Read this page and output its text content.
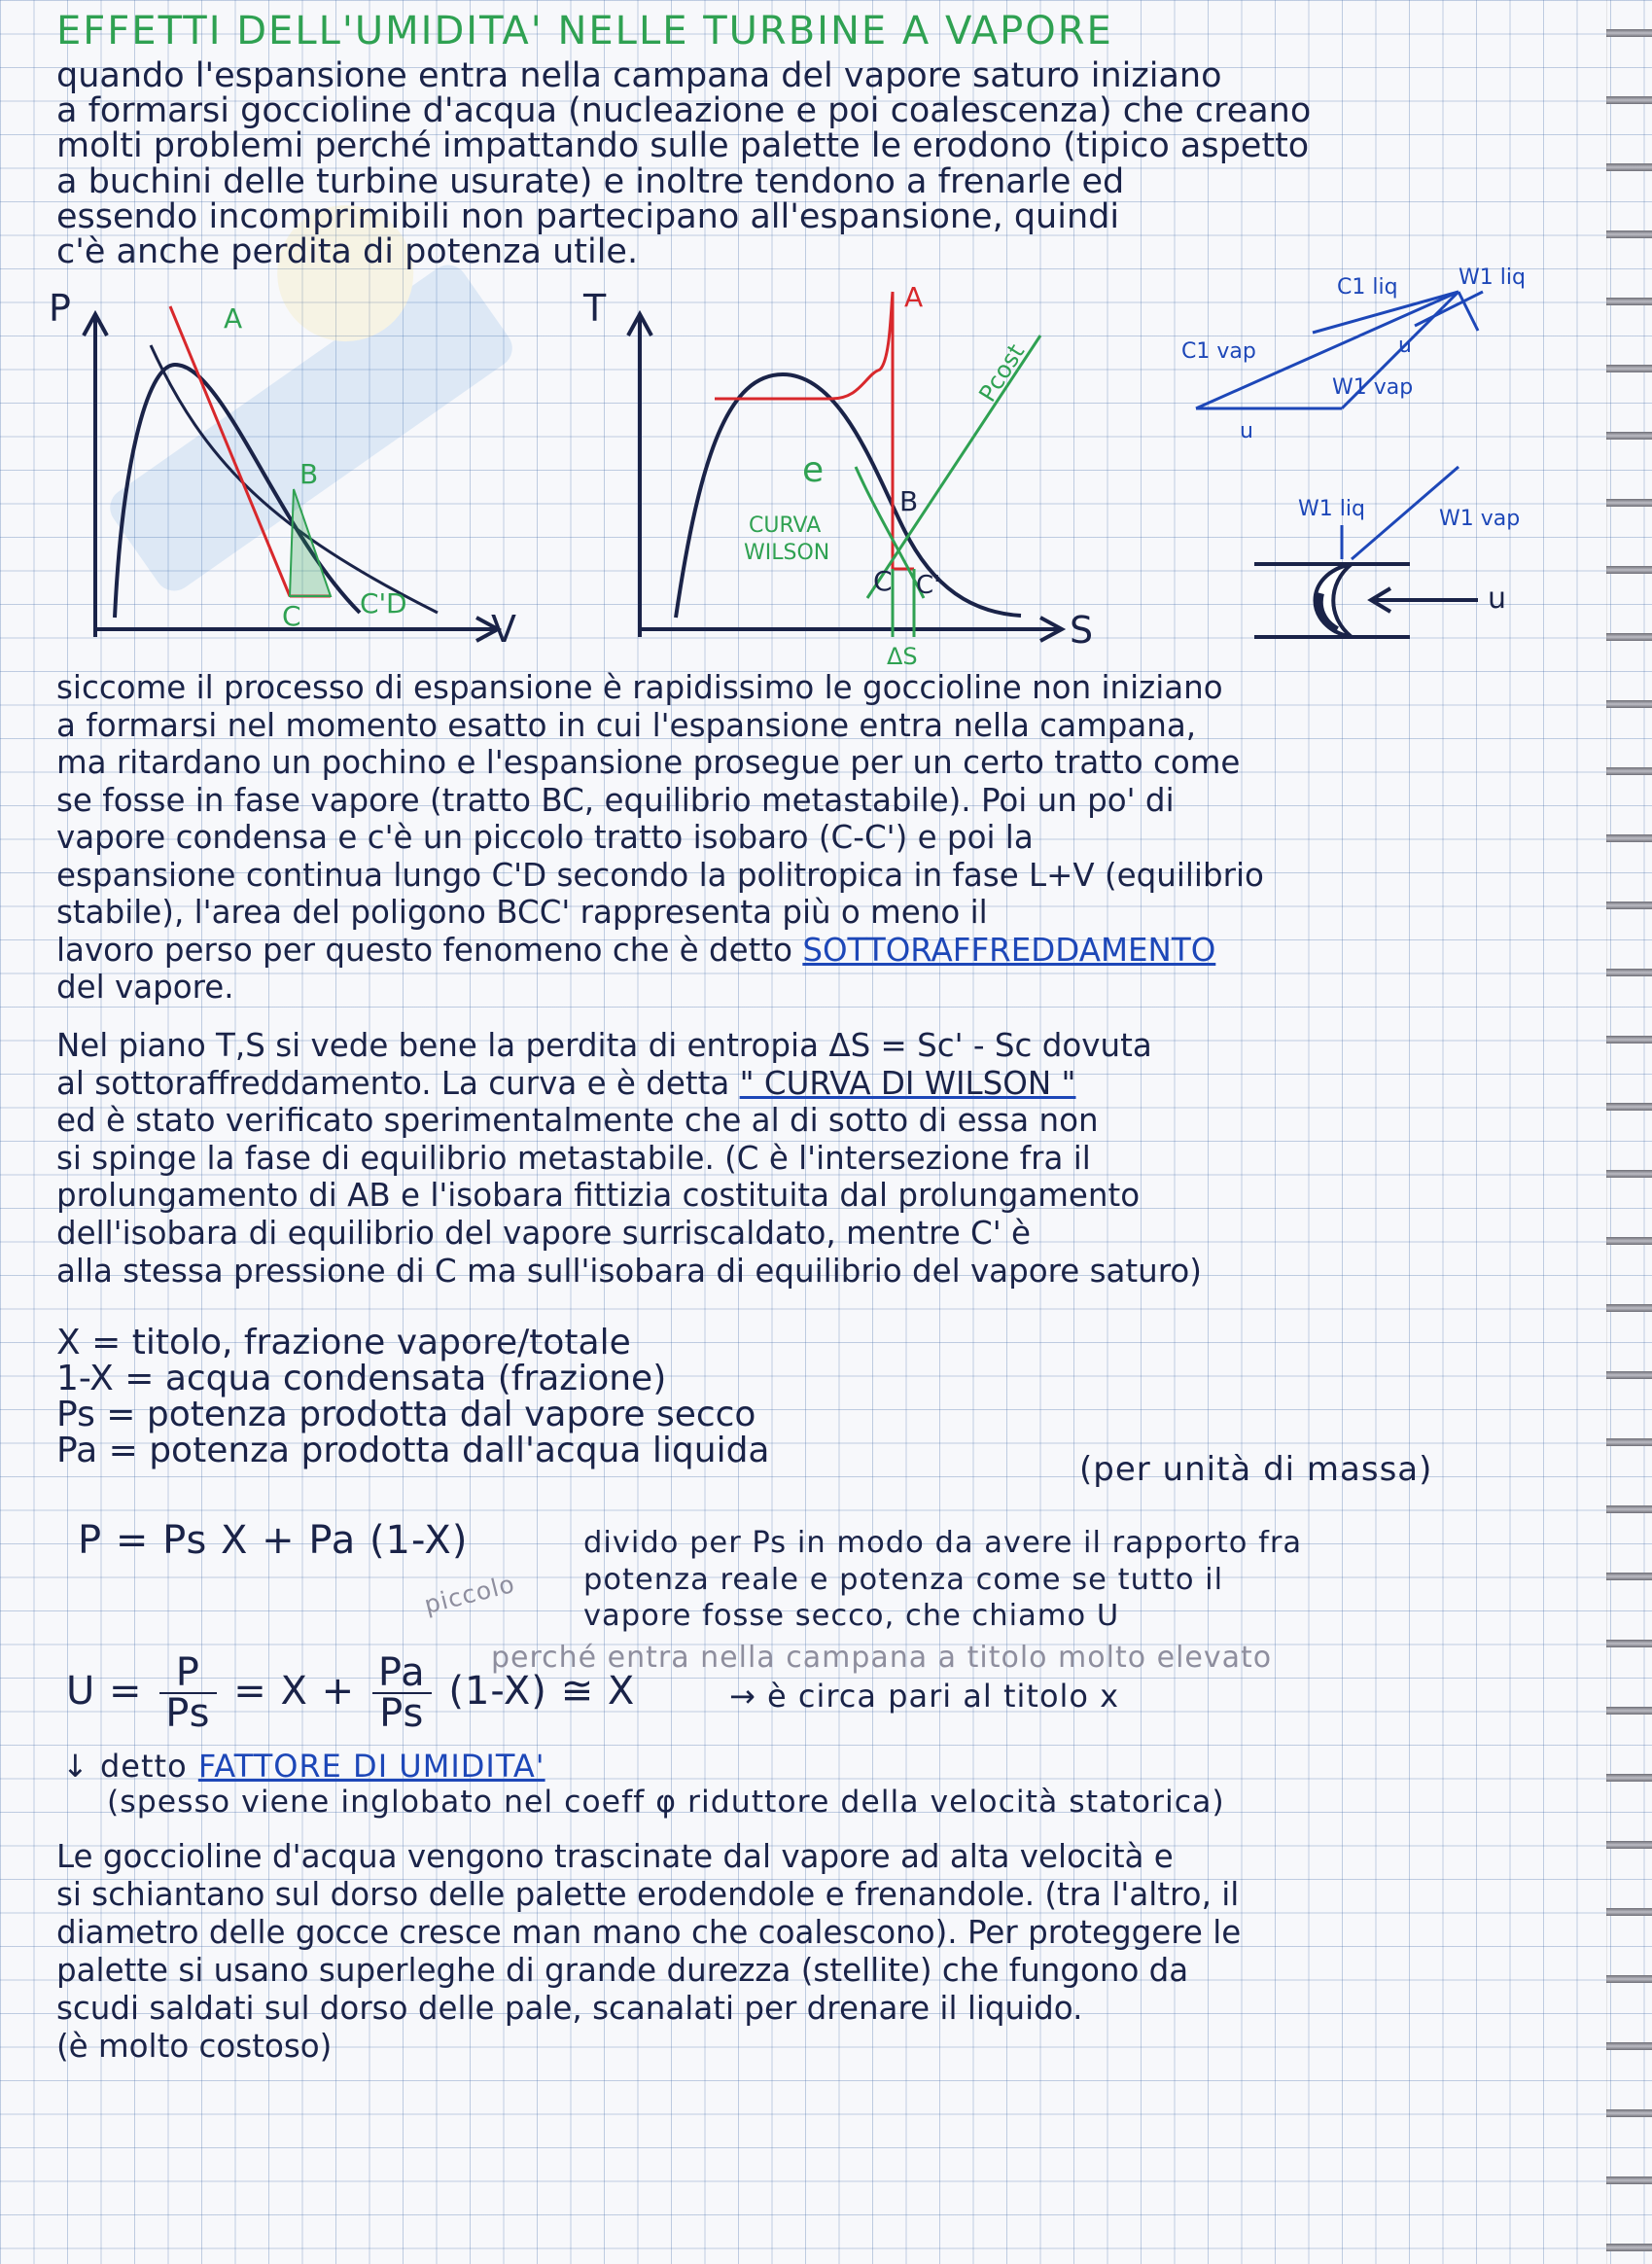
EFFETTI DELL'UMIDITA' NELLE TURBINE A VAPORE
quando l'espansione entra nella campana del vapore saturo iniziano
a formarsi goccioline d'acqua (nucleazione e poi coalescenza) che creano
molti problemi perché impattando sulle palette le erodono (tipico aspetto
a buchini delle turbine usurate) e inoltre tendono a frenarle ed
essendo incomprimibili non partecipano all'espansione, quindi
c'è anche perdita di potenza utile.
P
V
A
B
C C' D
T
S
A
B
C C'
e
CURVA
WILSON
Pcost
ΔS
C1 liq	W1 liq
C1 vap
W1 vap
u
u
W1 liq	W1 vap
u
siccome il processo di espansione è rapidissimo le goccioline non iniziano
a formarsi nel momento esatto in cui l'espansione entra nella campana,
ma ritardano un pochino e l'espansione prosegue per un certo tratto come
se fosse in fase vapore (tratto BC, equilibrio metastabile). Poi un po' di
vapore condensa e c'è un piccolo tratto isobaro (C-C') e poi la
espansione continua lungo C'D secondo la politropica in fase L+V (equilibrio
stabile), l'area del poligono BCC' rappresenta più o meno il
lavoro perso per questo fenomeno che è detto SOTTORAFFREDDAMENTO
del vapore.
Nel piano T,S si vede bene la perdita di entropia ΔS = Sc' - Sc dovuta
al sottoraffreddamento. La curva e è detta " CURVA DI WILSON "
ed è stato verificato sperimentalmente che al di sotto di essa non
si spinge la fase di equilibrio metastabile. (C è l'intersezione fra il
prolungamento di AB e l'isobara fittizia costituita dal prolungamento
dell'isobara di equilibrio del vapore surriscaldato, mentre C' è
alla stessa pressione di C ma sull'isobara di equilibrio del vapore saturo)
X = titolo, frazione vapore/totale
1-X = acqua condensata (frazione)
Ps = potenza prodotta dal vapore secco
Pa = potenza prodotta dall'acqua liquida	(per unità di massa)
P = Ps X + Pa (1-X)	divido per Ps in modo da avere il rapporto fra
potenza reale e potenza come se tutto il
vapore fosse secco, che chiamo U
piccolo
perché entra nella campana a titolo molto elevato
$U = \frac{P}{Ps} = X + \frac{Pa}{Ps} (1-X)$ ≅ X	→ è circa pari al titolo x
↓ detto FATTORE DI UMIDITA'
(spesso viene inglobato nel coeff φ riduttore della velocità statorica)
Le goccioline d'acqua vengono trascinate dal vapore ad alta velocità e
si schiantano sul dorso delle palette erodendole e frenandole. (tra l'altro, il
diametro delle gocce cresce man mano che coalescono). Per proteggere le
palette si usano superleghe di grande durezza (stellite) che fungono da
scudi saldati sul dorso delle pale, scanalati per drenare il liquido.
(è molto costoso)
